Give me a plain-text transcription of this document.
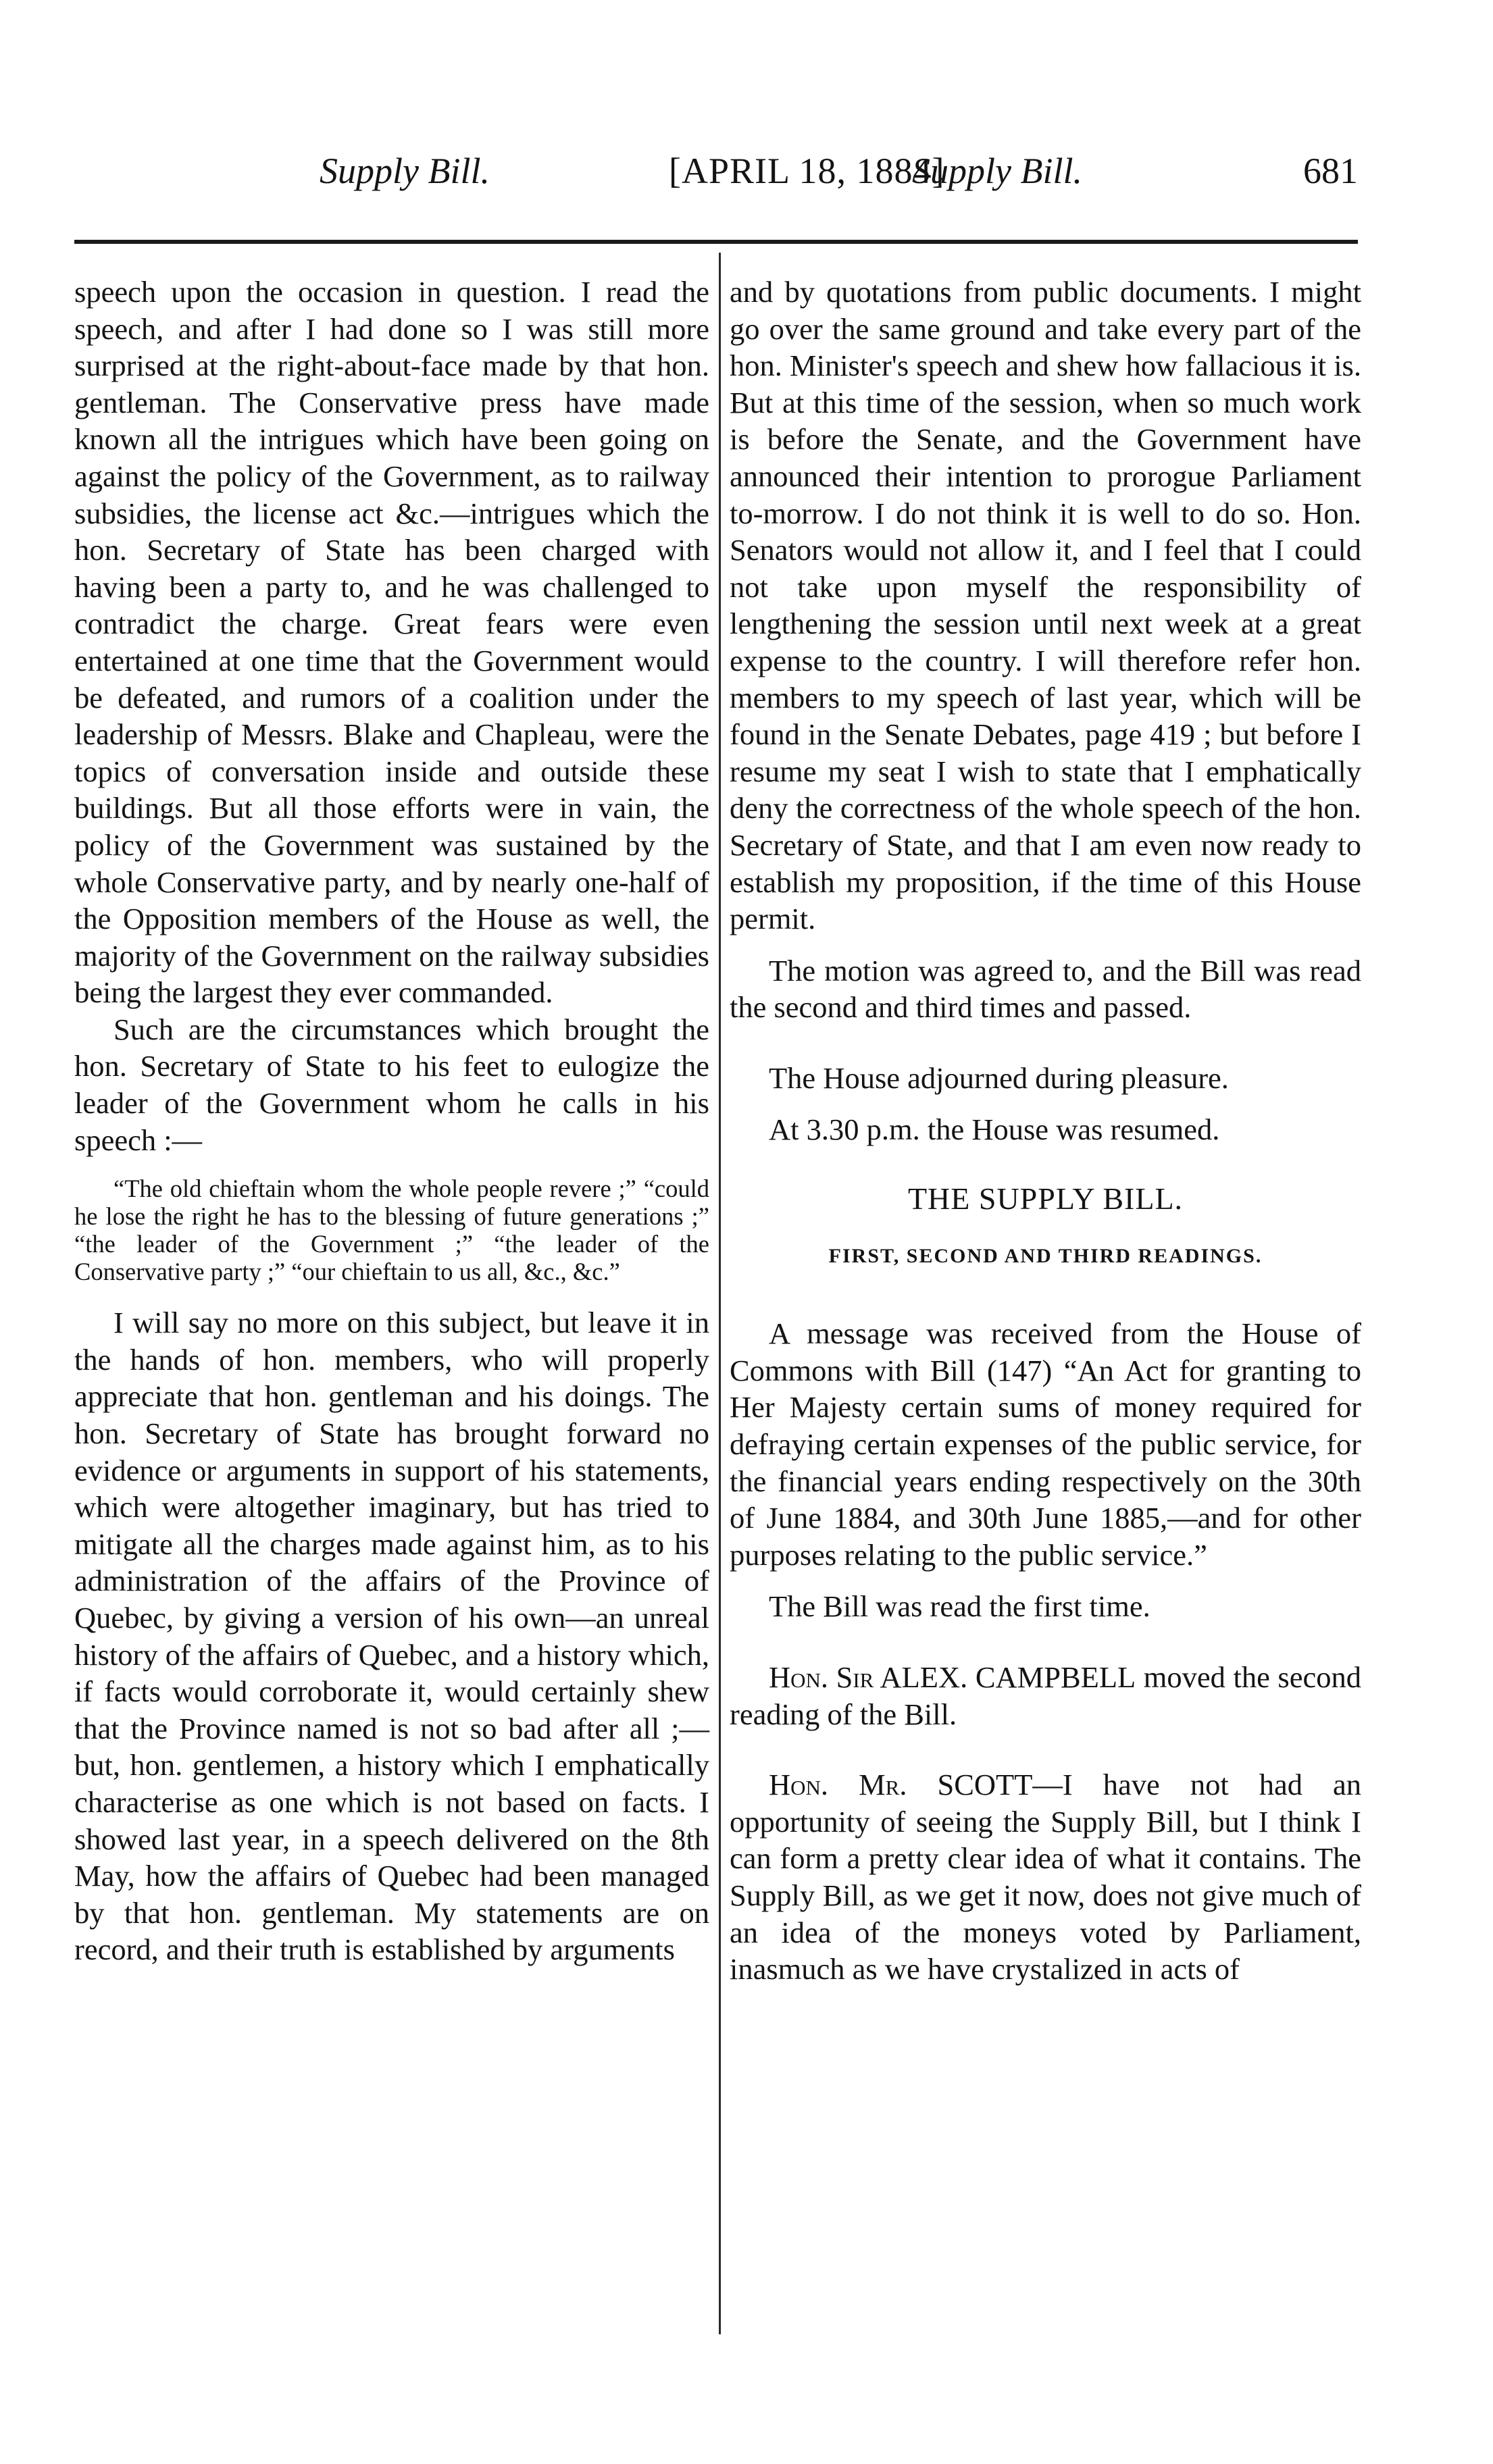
Supply Bill.	[APRIL 18, 1884]
Supply Bill.	681

speech upon the occasion in question. I read the speech, and after I had done so I was still more surprised at the right-about-face made by that hon. gentleman. The Conservative press have made known all the intrigues which have been going on against the policy of the Government, as to railway subsidies, the license act &c.—intrigues which the hon. Secretary of State has been charged with having been a party to, and he was challenged to contradict the charge. Great fears were even entertained at one time that the Government would be defeated, and rumors of a coalition under the leadership of Messrs. Blake and Chapleau, were the topics of conversation inside and outside these buildings. But all those efforts were in vain, the policy of the Government was sustained by the whole Conservative party, and by nearly one-half of the Opposition members of the House as well, the majority of the Government on the railway subsidies being the largest they ever commanded.

Such are the circumstances which brought the hon. Secretary of State to his feet to eulogize the leader of the Government whom he calls in his speech :—

“The old chieftain whom the whole people revere ;” “could he lose the right he has to the blessing of future generations ;” “the leader of the Government ;” “the leader of the Conservative party ;” “our chieftain to us all, &c., &c.”

I will say no more on this subject, but leave it in the hands of hon. members, who will properly appreciate that hon. gentleman and his doings. The hon. Secretary of State has brought forward no evidence or arguments in support of his statements, which were altogether imaginary, but has tried to mitigate all the charges made against him, as to his administration of the affairs of the Province of Quebec, by giving a version of his own—an unreal history of the affairs of Quebec, and a history which, if facts would corroborate it, would certainly shew that the Province named is not so bad after all ;—but, hon. gentlemen, a history which I emphatically characterise as one which is not based on facts. I showed last year, in a speech delivered on the 8th May, how the affairs of Quebec had been managed by that hon. gentleman. My statements are on record, and their truth is established by arguments

and by quotations from public documents. I might go over the same ground and take every part of the hon. Minister's speech and shew how fallacious it is. But at this time of the session, when so much work is before the Senate, and the Government have announced their intention to prorogue Parliament to-morrow. I do not think it is well to do so. Hon. Senators would not allow it, and I feel that I could not take upon myself the responsibility of lengthening the session until next week at a great expense to the country. I will therefore refer hon. members to my speech of last year, which will be found in the Senate Debates, page 419 ; but before I resume my seat I wish to state that I emphatically deny the correctness of the whole speech of the hon. Secretary of State, and that I am even now ready to establish my proposition, if the time of this House permit.

The motion was agreed to, and the Bill was read the second and third times and passed.

The House adjourned during pleasure.

At 3.30 p.m. the House was resumed.

THE SUPPLY BILL.

FIRST, SECOND AND THIRD READINGS.

A message was received from the House of Commons with Bill (147) “An Act for granting to Her Majesty certain sums of money required for defraying certain expenses of the public service, for the financial years ending respectively on the 30th of June 1884, and 30th June 1885,—and for other purposes relating to the public service.”

The Bill was read the first time.

Hon. Sir ALEX. CAMPBELL moved the second reading of the Bill.

Hon. Mr. SCOTT—I have not had an opportunity of seeing the Supply Bill, but I think I can form a pretty clear idea of what it contains. The Supply Bill, as we get it now, does not give much of an idea of the moneys voted by Parliament, inasmuch as we have crystalized in acts of
